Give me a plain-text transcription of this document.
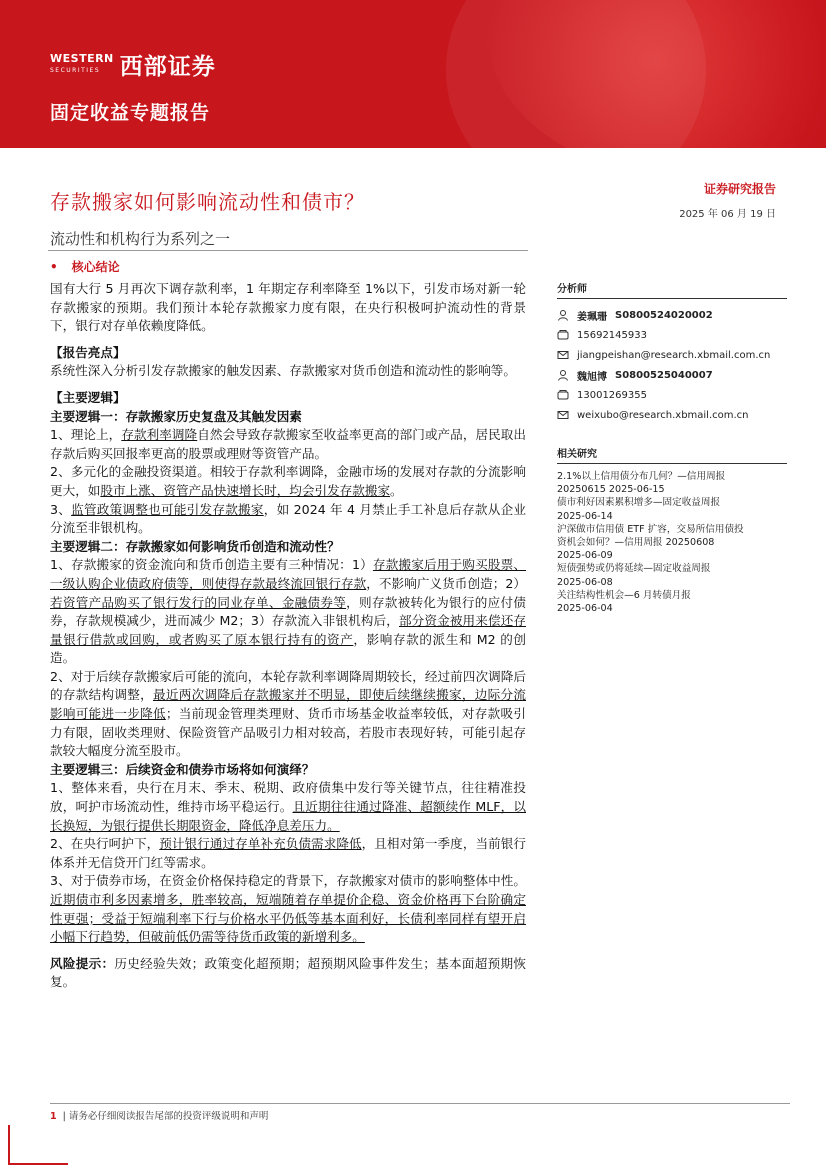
WESTERN
SECURITIES 西部证券
固定收益专题报告
存款搬家如何影响流动性和债市？
流动性和机构行为系列之一
证券研究报告
2025 年 06 月 19 日
• 核心结论

国有大行 5 月再次下调存款利率，1 年期定存利率降至 1%以下，引发市场对新一轮存款搬家的预期。我们预计本轮存款搬家力度有限，在央行积极呵护流动性的背景下，银行对存单依赖度降低。

【报告亮点】

系统性深入分析引发存款搬家的触发因素、存款搬家对货币创造和流动性的影响等。

【主要逻辑】

主要逻辑一：存款搬家历史复盘及其触发因素

1、理论上，存款利率调降自然会导致存款搬家至收益率更高的部门或产品，居民取出存款后购买回报率更高的股票或理财等资管产品。

2、多元化的金融投资渠道。相较于存款利率调降，金融市场的发展对存款的分流影响更大，如股市上涨、资管产品快速增长时，均会引发存款搬家。

3、监管政策调整也可能引发存款搬家，如 2024 年 4 月禁止手工补息后存款从企业分流至非银机构。

主要逻辑二：存款搬家如何影响货币创造和流动性？

1、存款搬家的资金流向和货币创造主要有三种情况：1）存款搬家后用于购买股票、一级认购企业债政府债等，则使得存款最终流回银行存款，不影响广义货币创造；2）若资管产品购买了银行发行的同业存单、金融债券等，则存款被转化为银行的应付债券，存款规模减少，进而减少 M2；3）存款流入非银机构后，部分资金被用来偿还存量银行借款或回购，或者购买了原本银行持有的资产，影响存款的派生和 M2 的创造。

2、对于后续存款搬家后可能的流向，本轮存款利率调降周期较长，经过前四次调降后的存款结构调整，最近两次调降后存款搬家并不明显，即使后续继续搬家，边际分流影响可能进一步降低；当前现金管理类理财、货币市场基金收益率较低，对存款吸引力有限，固收类理财、保险资管产品吸引力相对较高，若股市表现好转，可能引起存款较大幅度分流至股市。

主要逻辑三：后续资金和债券市场将如何演绎？

1、整体来看，央行在月末、季末、税期、政府债集中发行等关键节点，往往精准投放，呵护市场流动性，维持市场平稳运行。且近期往往通过降准、超额续作 MLF，以长换短，为银行提供长期限资金，降低净息差压力。

2、在央行呵护下，预计银行通过存单补充负债需求降低，且相对第一季度，当前银行体系并无信贷开门红等需求。

3、对于债券市场，在资金价格保持稳定的背景下，存款搬家对债市的影响整体中性。近期债市利多因素增多，胜率较高，短端随着存单提价企稳、资金价格再下台阶确定性更强；受益于短端利率下行与价格水平仍低等基本面利好，长债利率同样有望开启小幅下行趋势，但破前低仍需等待货币政策的新增利多。

风险提示：历史经验失效；政策变化超预期；超预期风险事件发生；基本面超预期恢复。

分析师
姜珮珊 S0800524020002
15692145933
jiangpeishan@research.xbmail.com.cn
魏旭博 S0800525040007
13001269355
weixubo@research.xbmail.com.cn
相关研究

2.1%以上信用债分布几何？—信用周报

20250615 2025-06-15

债市利好因素累积增多—固定收益周报

2025-06-14

沪深做市信用债 ETF 扩容，交易所信用债投

资机会如何？—信用周报 20250608

2025-06-09

短债强势或仍将延续—固定收益周报

2025-06-08

关注结构性机会—6 月转债月报

2025-06-04

1 | 请务必仔细阅读报告尾部的投资评级说明和声明
